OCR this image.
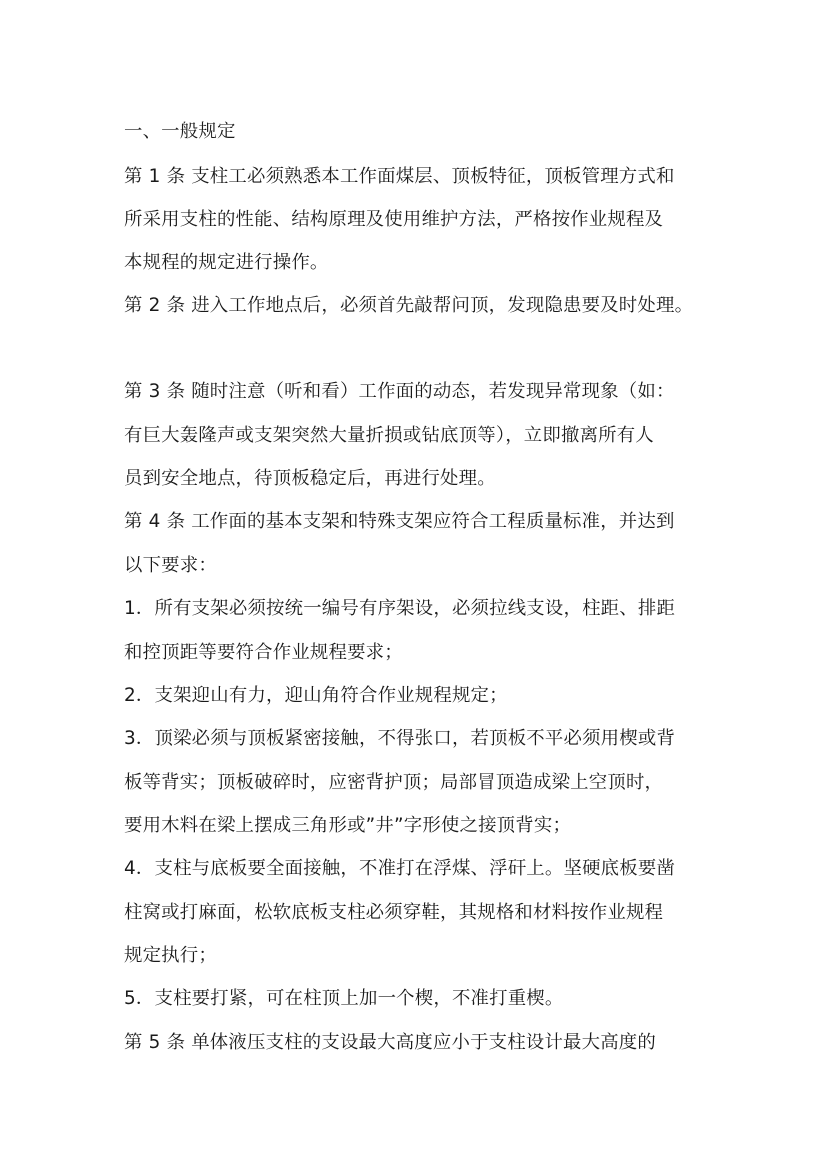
一、一般规定
第 1 条 支柱工必须熟悉本工作面煤层、顶板特征，顶板管理方式和
所采用支柱的性能、结构原理及使用维护方法，严格按作业规程及
本规程的规定进行操作。
第 2 条 进入工作地点后，必须首先敲帮问顶，发现隐患要及时处理。
第 3 条 随时注意（听和看）工作面的动态，若发现异常现象（如：
有巨大轰隆声或支架突然大量折损或钻底顶等），立即撤离所有人
员到安全地点，待顶板稳定后，再进行处理。
第 4 条 工作面的基本支架和特殊支架应符合工程质量标准，并达到
以下要求：
1．所有支架必须按统一编号有序架设，必须拉线支设，柱距、排距
和控顶距等要符合作业规程要求；
2．支架迎山有力，迎山角符合作业规程规定；
3．顶梁必须与顶板紧密接触，不得张口，若顶板不平必须用楔或背
板等背实；顶板破碎时，应密背护顶；局部冒顶造成梁上空顶时，
要用木料在梁上摆成三角形或”井”字形使之接顶背实；
4．支柱与底板要全面接触，不准打在浮煤、浮矸上。坚硬底板要凿
柱窝或打麻面，松软底板支柱必须穿鞋，其规格和材料按作业规程
规定执行；
5．支柱要打紧，可在柱顶上加一个楔，不准打重楔。
第 5 条 单体液压支柱的支设最大高度应小于支柱设计最大高度的
